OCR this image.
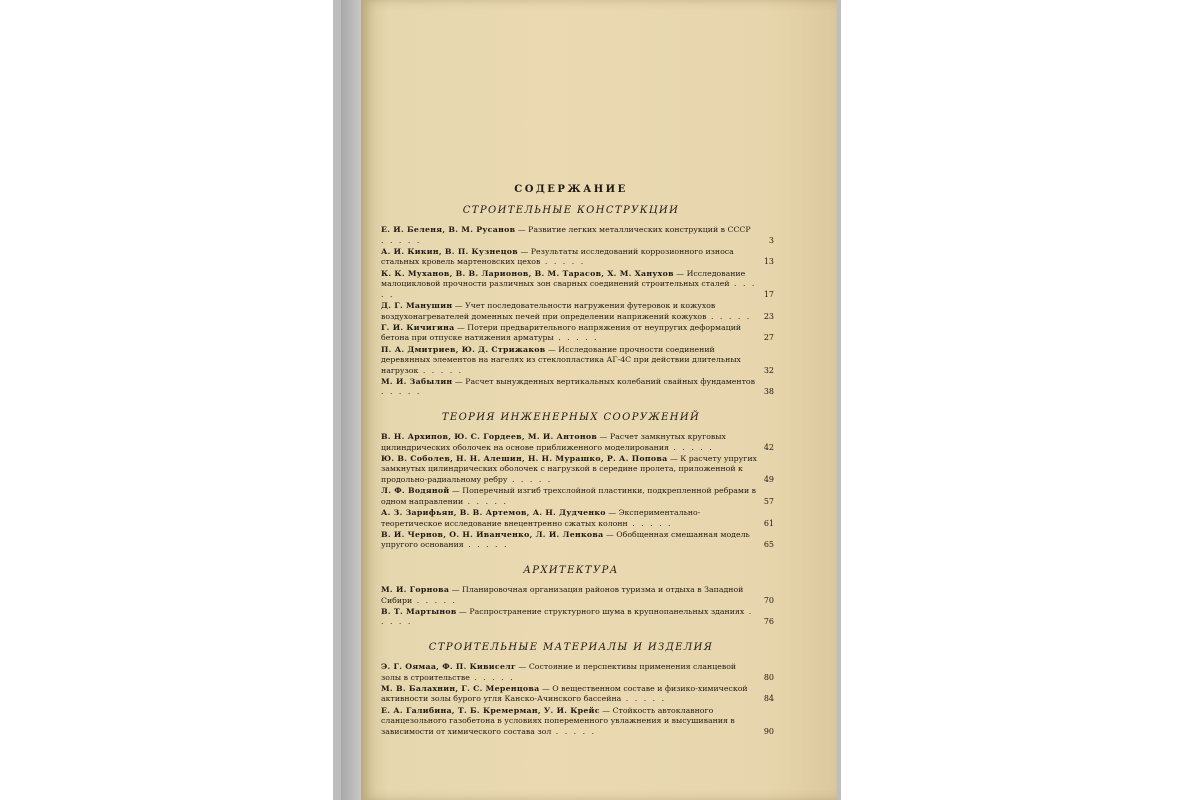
СОДЕРЖАНИЕ
СТРОИТЕЛЬНЫЕ КОНСТРУКЦИИ
Е. И. Беленя, В. М. Русанов — Развитие легких металлических конструкций в СССР . . . . .	3
А. И. Кикин, В. П. Кузнецов — Результаты исследований коррозионного износа стальных кровель мартеновских цехов . . . . .	13
К. К. Муханов, В. В. Ларионов, В. М. Тарасов, Х. М. Ханухов — Исследование малоцикловой прочности различных зон сварных соединений строительных сталей . . . . .	17
Д. Г. Манушин — Учет последовательности нагружения футеровок и кожухов воздухонагревателей доменных печей при определении напряжений кожухов . . . . . 23
Г. И. Кичигина — Потери предварительного напряжения от неупругих деформаций бетона при отпуске натяжения арматуры . . . . .	27
П. А. Дмитриев, Ю. Д. Стрижаков — Исследование прочности соединений деревянных элементов на нагелях из стеклопластика АГ-4С при действии длительных нагрузок . . . . .	32
М. И. Забылин — Расчет вынужденных вертикальных колебаний свайных фундаментов . . . . .	38
ТЕОРИЯ ИНЖЕНЕРНЫХ СООРУЖЕНИЙ
В. Н. Архипов, Ю. С. Гордеев, М. И. Антонов — Расчет замкнутых круговых цилиндрических оболочек на основе приближенного моделирования . . . . .	42
Ю. В. Соболев, Н. Н. Алешин, Н. Н. Мурашко, Р. А. Попова — К расчету упругих замкнутых цилиндрических оболочек с нагрузкой в середине пролета, приложенной к продольно-радиальному ребру . . . . .	49
Л. Ф. Водяной — Поперечный изгиб трехслойной пластинки, подкрепленной ребрами в одном направлении . . . . .	57
А. З. Зарифьян, В. В. Артемов, А. Н. Дудченко — Экспериментально-теоретическое исследование внецентренно сжатых колонн . . . . .	61
В. И. Чернов, О. Н. Иванченко, Л. И. Ленкова — Обобщенная смешанная модель упругого основания . . . . .	65
АРХИТЕКТУРА
М. И. Горнова — Планировочная организация районов туризма и отдыха в Западной Сибири . . . . .	70
В. Т. Мартынов — Распространение структурного шума в крупнопанельных зданиях . . . . .	76
СТРОИТЕЛЬНЫЕ МАТЕРИАЛЫ И ИЗДЕЛИЯ
Э. Г. Оямаа, Ф. П. Кивиселг — Состояние и перспективы применения сланцевой золы в строительстве . . . . .	80
М. В. Балахнин, Г. С. Меренцова — О вещественном составе и физико-химической активности золы бурого угля Канско-Ачинского бассейна . . . . .	84
Е. А. Галибина, Т. Б. Кремерман, У. И. Крейс — Стойкость автоклавного сланцезольного газобетона в условиях попеременного увлажнения и высушивания в зависимости от химического состава зол . . . . .	90
